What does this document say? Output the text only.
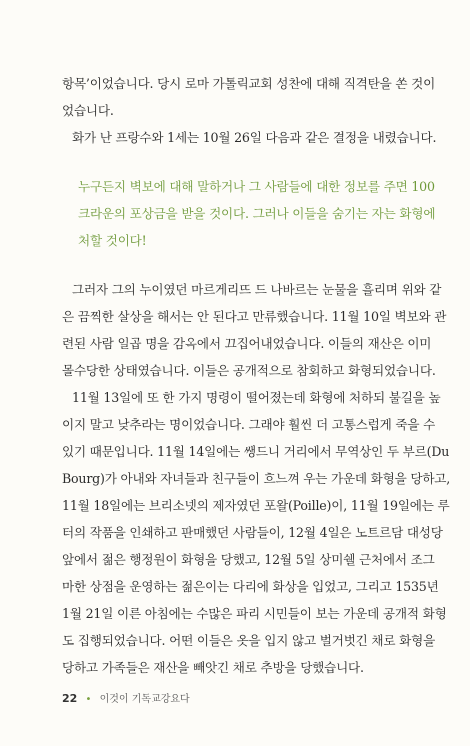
항목’이었습니다. 당시 로마 가톨릭교회 성찬에 대해 직격탄을 쏜 것이
었습니다.

화가 난 프랑수와 1세는 10월 26일 다음과 같은 결정을 내렸습니다.

누구든지 벽보에 대해 말하거나 그 사람들에 대한 정보를 주면 100
크라운의 포상금을 받을 것이다. 그러나 이들을 숨기는 자는 화형에
처할 것이다!

그러자 그의 누이였던 마르게리뜨 드 나바르는 눈물을 흘리며 위와 같
은 끔찍한 살상을 해서는 안 된다고 만류했습니다. 11월 10일 벽보와 관
련된 사람 일곱 명을 감옥에서 끄집어내었습니다. 이들의 재산은 이미
몰수당한 상태였습니다. 이들은 공개적으로 참회하고 화형되었습니다.

11월 13일에 또 한 가지 명령이 떨어졌는데 화형에 처하되 불길을 높
이지 말고 낮추라는 명이었습니다. 그래야 훨씬 더 고통스럽게 죽을 수
있기 때문입니다. 11월 14일에는 쌩드니 거리에서 무역상인 두 부르(Du
Bourg)가 아내와 자녀들과 친구들이 흐느껴 우는 가운데 화형을 당하고,
11월 18일에는 브리소넷의 제자였던 포왈(Poille)이, 11월 19일에는 루
터의 작품을 인쇄하고 판매했던 사람들이, 12월 4일은 노트르담 대성당
앞에서 젊은 행정원이 화형을 당했고, 12월 5일 상미쉘 근처에서 조그
마한 상점을 운영하는 젊은이는 다리에 화상을 입었고, 그리고 1535년
1월 21일 이른 아침에는 수많은 파리 시민들이 보는 가운데 공개적 화형
도 집행되었습니다. 어떤 이들은 옷을 입지 않고 벌거벗긴 채로 화형을
당하고 가족들은 재산을 빼앗긴 채로 추방을 당했습니다.

22 • 이것이 기독교강요다
